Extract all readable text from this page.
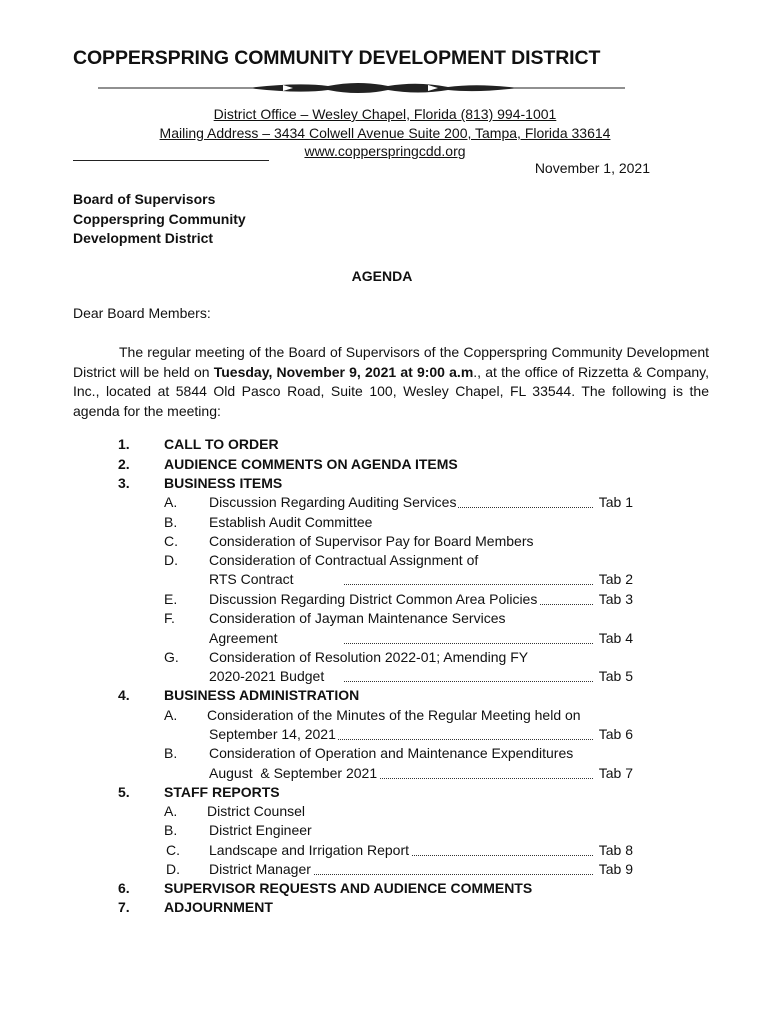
COPPERSPRING COMMUNITY DEVELOPMENT DISTRICT
District Office – Wesley Chapel, Florida (813) 994-1001
Mailing Address – 3434 Colwell Avenue Suite 200, Tampa, Florida 33614
www.copperspringcdd.org
November 1, 2021
Board of Supervisors
Copperspring Community
Development District
AGENDA
Dear Board Members:
The regular meeting of the Board of Supervisors of the Copperspring Community Development District will be held on Tuesday, November 9, 2021 at 9:00 a.m., at the office of Rizzetta & Company, Inc., located at 5844 Old Pasco Road, Suite 100, Wesley Chapel, FL 33544. The following is the agenda for the meeting:
1. CALL TO ORDER
2. AUDIENCE COMMENTS ON AGENDA ITEMS
3. BUSINESS ITEMS
A. Discussion Regarding Auditing Services	Tab 1
B. Establish Audit Committee
C. Consideration of Supervisor Pay for Board Members
D. Consideration of Contractual Assignment of
RTS Contract	Tab 2
E. Discussion Regarding District Common Area Policies	Tab 3
F. Consideration of Jayman Maintenance Services
Agreement	Tab 4
G. Consideration of Resolution 2022-01; Amending FY
2020-2021 Budget	Tab 5
4. BUSINESS ADMINISTRATION
A. Consideration of the Minutes of the Regular Meeting held on
September 14, 2021	Tab 6
B. Consideration of Operation and Maintenance Expenditures
August  & September 2021	Tab 7
5. STAFF REPORTS
A. District Counsel
B. District Engineer
C. Landscape and Irrigation Report	Tab 8
D. District Manager	Tab 9
6. SUPERVISOR REQUESTS AND AUDIENCE COMMENTS
7. ADJOURNMENT
